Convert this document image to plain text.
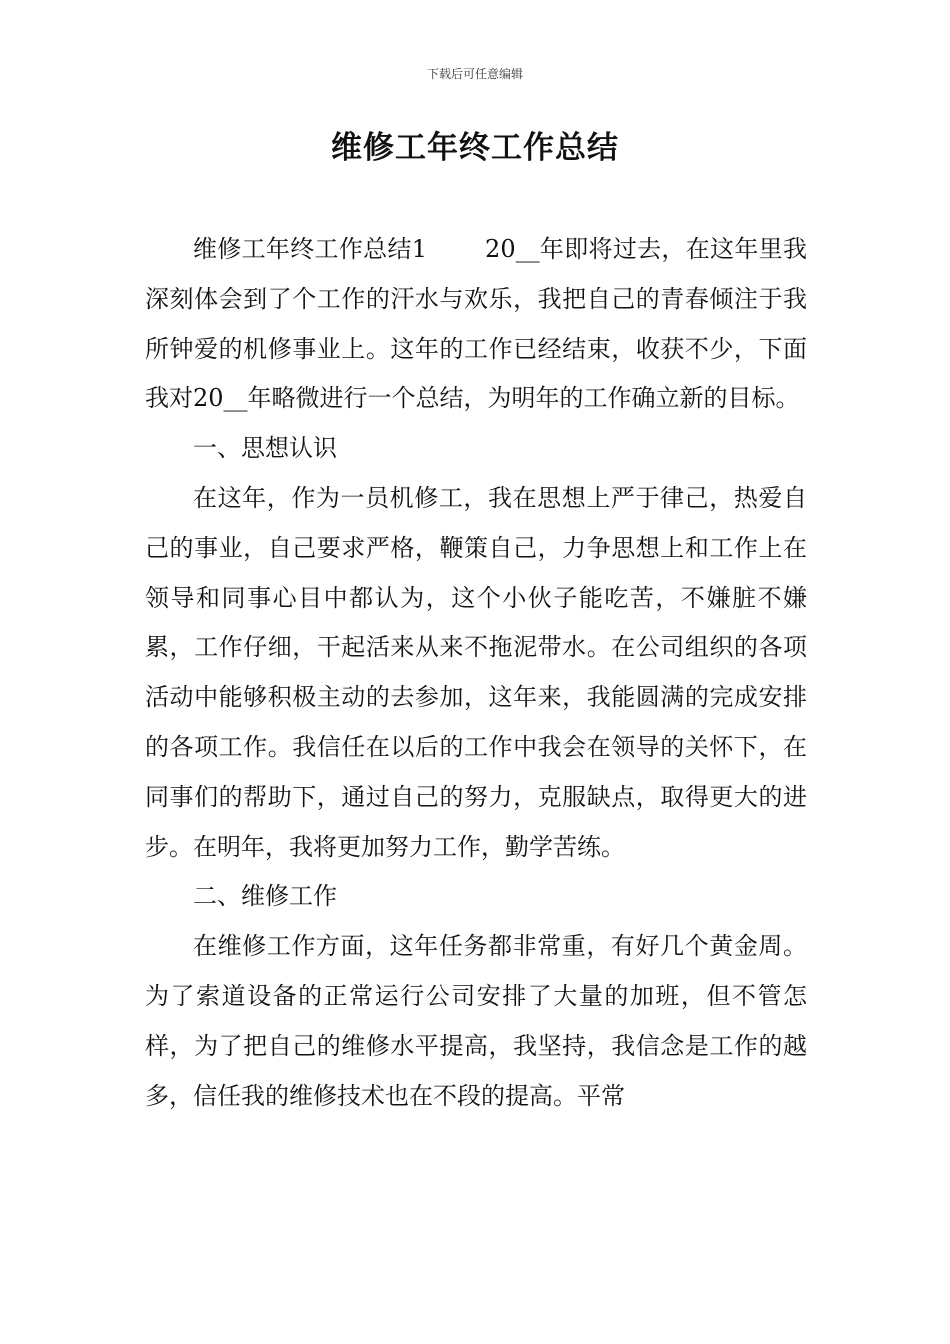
下载后可任意编辑
维修工年终工作总结

维修工年终工作总结1 20__年即将过去，在这年里我深刻体会到了个工作的汗水与欢乐，我把自己的青春倾注于我所钟爱的机修事业上。这年的工作已经结束，收获不少，下面我对20__年略微进行一个总结，为明年的工作确立新的目标。

一、思想认识

在这年，作为一员机修工，我在思想上严于律己，热爱自己的事业，自己要求严格，鞭策自己，力争思想上和工作上在领导和同事心目中都认为，这个小伙子能吃苦，不嫌脏不嫌累，工作仔细，干起活来从来不拖泥带水。在公司组织的各项活动中能够积极主动的去参加，这年来，我能圆满的完成安排的各项工作。我信任在以后的工作中我会在领导的关怀下，在同事们的帮助下，通过自己的努力，克服缺点，取得更大的进步。在明年，我将更加努力工作，勤学苦练。

二、维修工作

在维修工作方面，这年任务都非常重，有好几个黄金周。为了索道设备的正常运行公司安排了大量的加班，但不管怎样，为了把自己的维修水平提高，我坚持，我信念是工作的越多，信任我的维修技术也在不段的提高。平常
